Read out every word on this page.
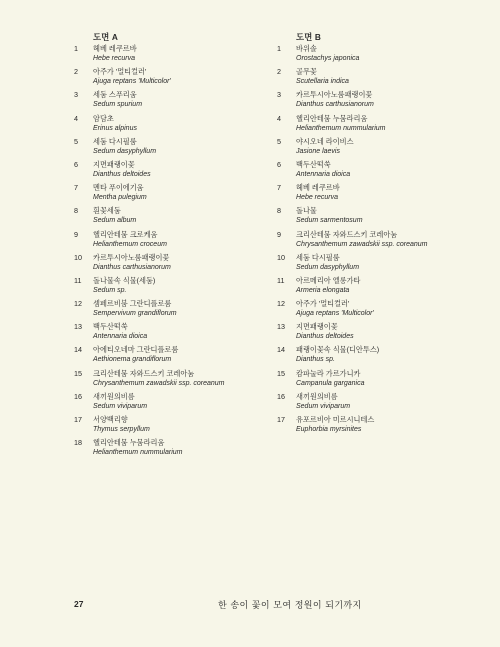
도면 A
1	헤베 레쿠르바
Hebe recurva
2	아주가 '멀티컬러'
Ajuga reptans 'Multicolor'
3	세둠 스푸리움
Sedum spurium
4	암담초
Erinus alpinus
5	세둠 다시필룸
Sedum dasyphyllum
6	지면패랭이꽃
Dianthus deltoides
7	멘타 푸이에기움
Mentha pulegium
8	흰꽃세둠
Sedum album
9	헬리안테뭄 크로케움
Helianthemum croceum
10	카르투시아노룸패랭이꽃
Dianthus carthusianorum
11	돌나물속 식물(세둠)
Sedum sp.
12	셈페르비붐 그란디플로룸
Sempervivum grandiflorum
13	백두산떡쑥
Antennaria dioica
14	아에티오네마 그란디플로룸
Aethionema grandiflorum
15	크리산테뭄 자와드스키 코레아눔
Chrysanthemum zawadskii ssp. coreanum
16	새끼원의비름
Sedum viviparum
17	서양백리향
Thymus serpyllum
18	헬리안테뭄 누뭄라리움
Helianthemum nummularium
도면 B
1	바위솔
Orostachys japonica
2	골무꽃
Scutellaria indica
3	카르투시아노룸패랭이꽃
Dianthus carthusianorum
4	헬리안테뭄 누뭄라리움
Helianthemum nummularium
5	야시오네 라이비스
Jasione laevis
6	백두산떡쑥
Antennaria dioica
7	헤베 레쿠르바
Hebe recurva
8	돌나물
Sedum sarmentosum
9	크리산테뭄 자와드스키 코레아눔
Chrysanthemum zawadskii ssp. coreanum
10	세둠 다시필룸
Sedum dasyphyllum
11	아르메리아 엘롱가타
Armeria elongata
12	아주가 '멀티컬러'
Ajuga reptans 'Multicolor'
13	지면패랭이꽃
Dianthus deltoides
14	패랭이꽃속 식물(디안투스)
Dianthus sp.
15	캄파눌라 가르가니카
Campanula garganica
16	새끼원의비름
Sedum viviparum
17	유포르비아 미르시니테스
Euphorbia myrsinites
27	한 송이 꽃이 모여 정원이 되기까지
